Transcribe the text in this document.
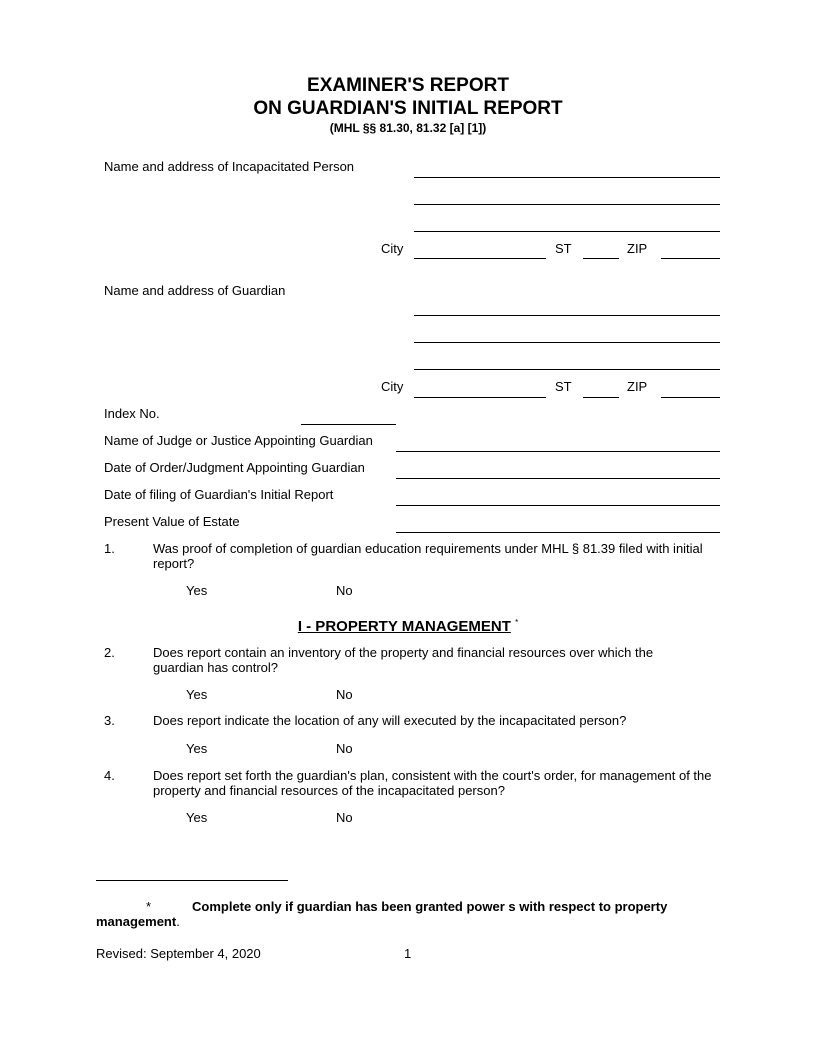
EXAMINER'S REPORT
ON GUARDIAN'S INITIAL REPORT
(MHL §§ 81.30, 81.32 [a] [1])
Name and address of Incapacitated Person
City	ST	ZIP
Name and address of Guardian
City	ST	ZIP
Index No.
Name of Judge or Justice Appointing Guardian
Date of Order/Judgment Appointing Guardian
Date of filing of Guardian's Initial Report
Present Value of Estate
1.	Was proof of completion of guardian education requirements under MHL § 81.39 filed with initial report?
Yes	No
I - PROPERTY MANAGEMENT *
2.	Does report contain an inventory of the property and financial resources over which the guardian has control?
Yes	No
3.	Does report indicate the location of any will executed by the incapacitated person?
Yes	No
4.	Does report set forth the guardian's plan, consistent with the court's order, for management of the property and financial resources of the incapacitated person?
Yes	No
*	Complete only if guardian has been granted power s with respect to property
management.
Revised: September 4, 2020	1
